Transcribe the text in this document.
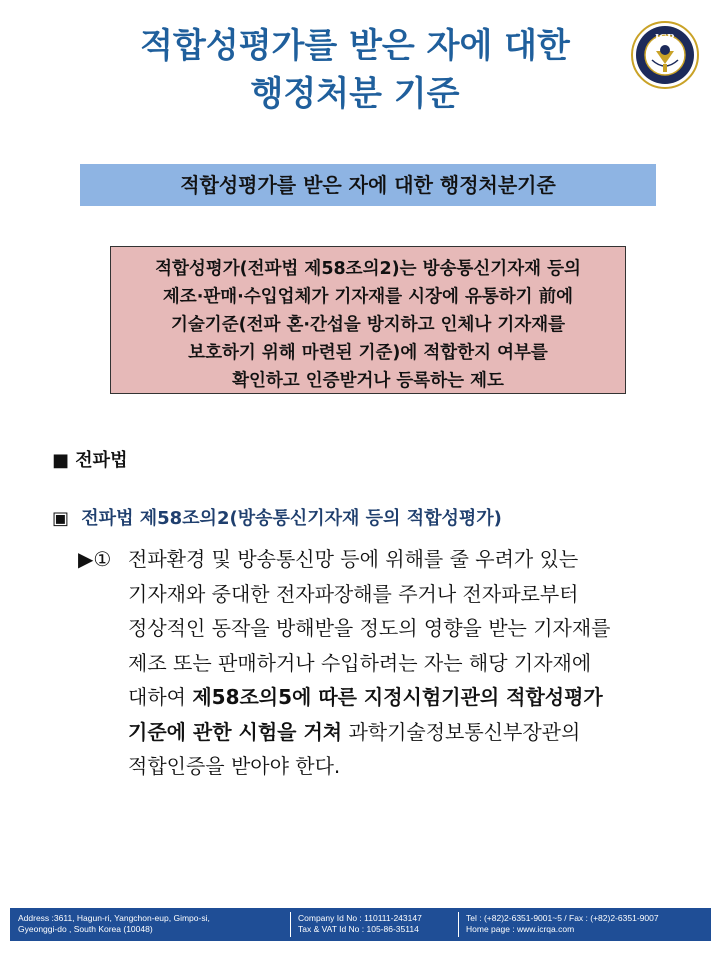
적합성평가를 받은 자에 대한
행정처분 기준
ICR
적합성평가를 받은 자에 대한 행정처분기준
적합성평가(전파법 제58조의2)는 방송통신기자재 등의
제조·판매·수입업체가 기자재를 시장에 유통하기 前에
기술기준(전파 혼·간섭을 방지하고 인체나 기자재를
보호하기 위해 마련된 기준)에 적합한지 여부를
확인하고 인증받거나 등록하는 제도
■ 전파법
▣ 전파법 제58조의2(방송통신기자재 등의 적합성평가)
▶① 전파환경 및 방송통신망 등에 위해를 줄 우려가 있는
기자재와 중대한 전자파장해를 주거나 전자파로부터
정상적인 동작을 방해받을 정도의 영향을 받는 기자재를
제조 또는 판매하거나 수입하려는 자는 해당 기자재에
대하여 제58조의5에 따른 지정시험기관의 적합성평가
기준에 관한 시험을 거쳐 과학기술정보통신부장관의
적합인증을 받아야 한다.
Address :3611, Hagun-ri, Yangchon-eup, Gimpo-si,
Gyeonggi-do , South Korea (10048)
Company Id No : 110111-243147
Tax & VAT Id No : 105-86-35114
Tel : (+82)2-6351-9001~5 / Fax : (+82)2-6351-9007
Home page : www.icrqa.com
